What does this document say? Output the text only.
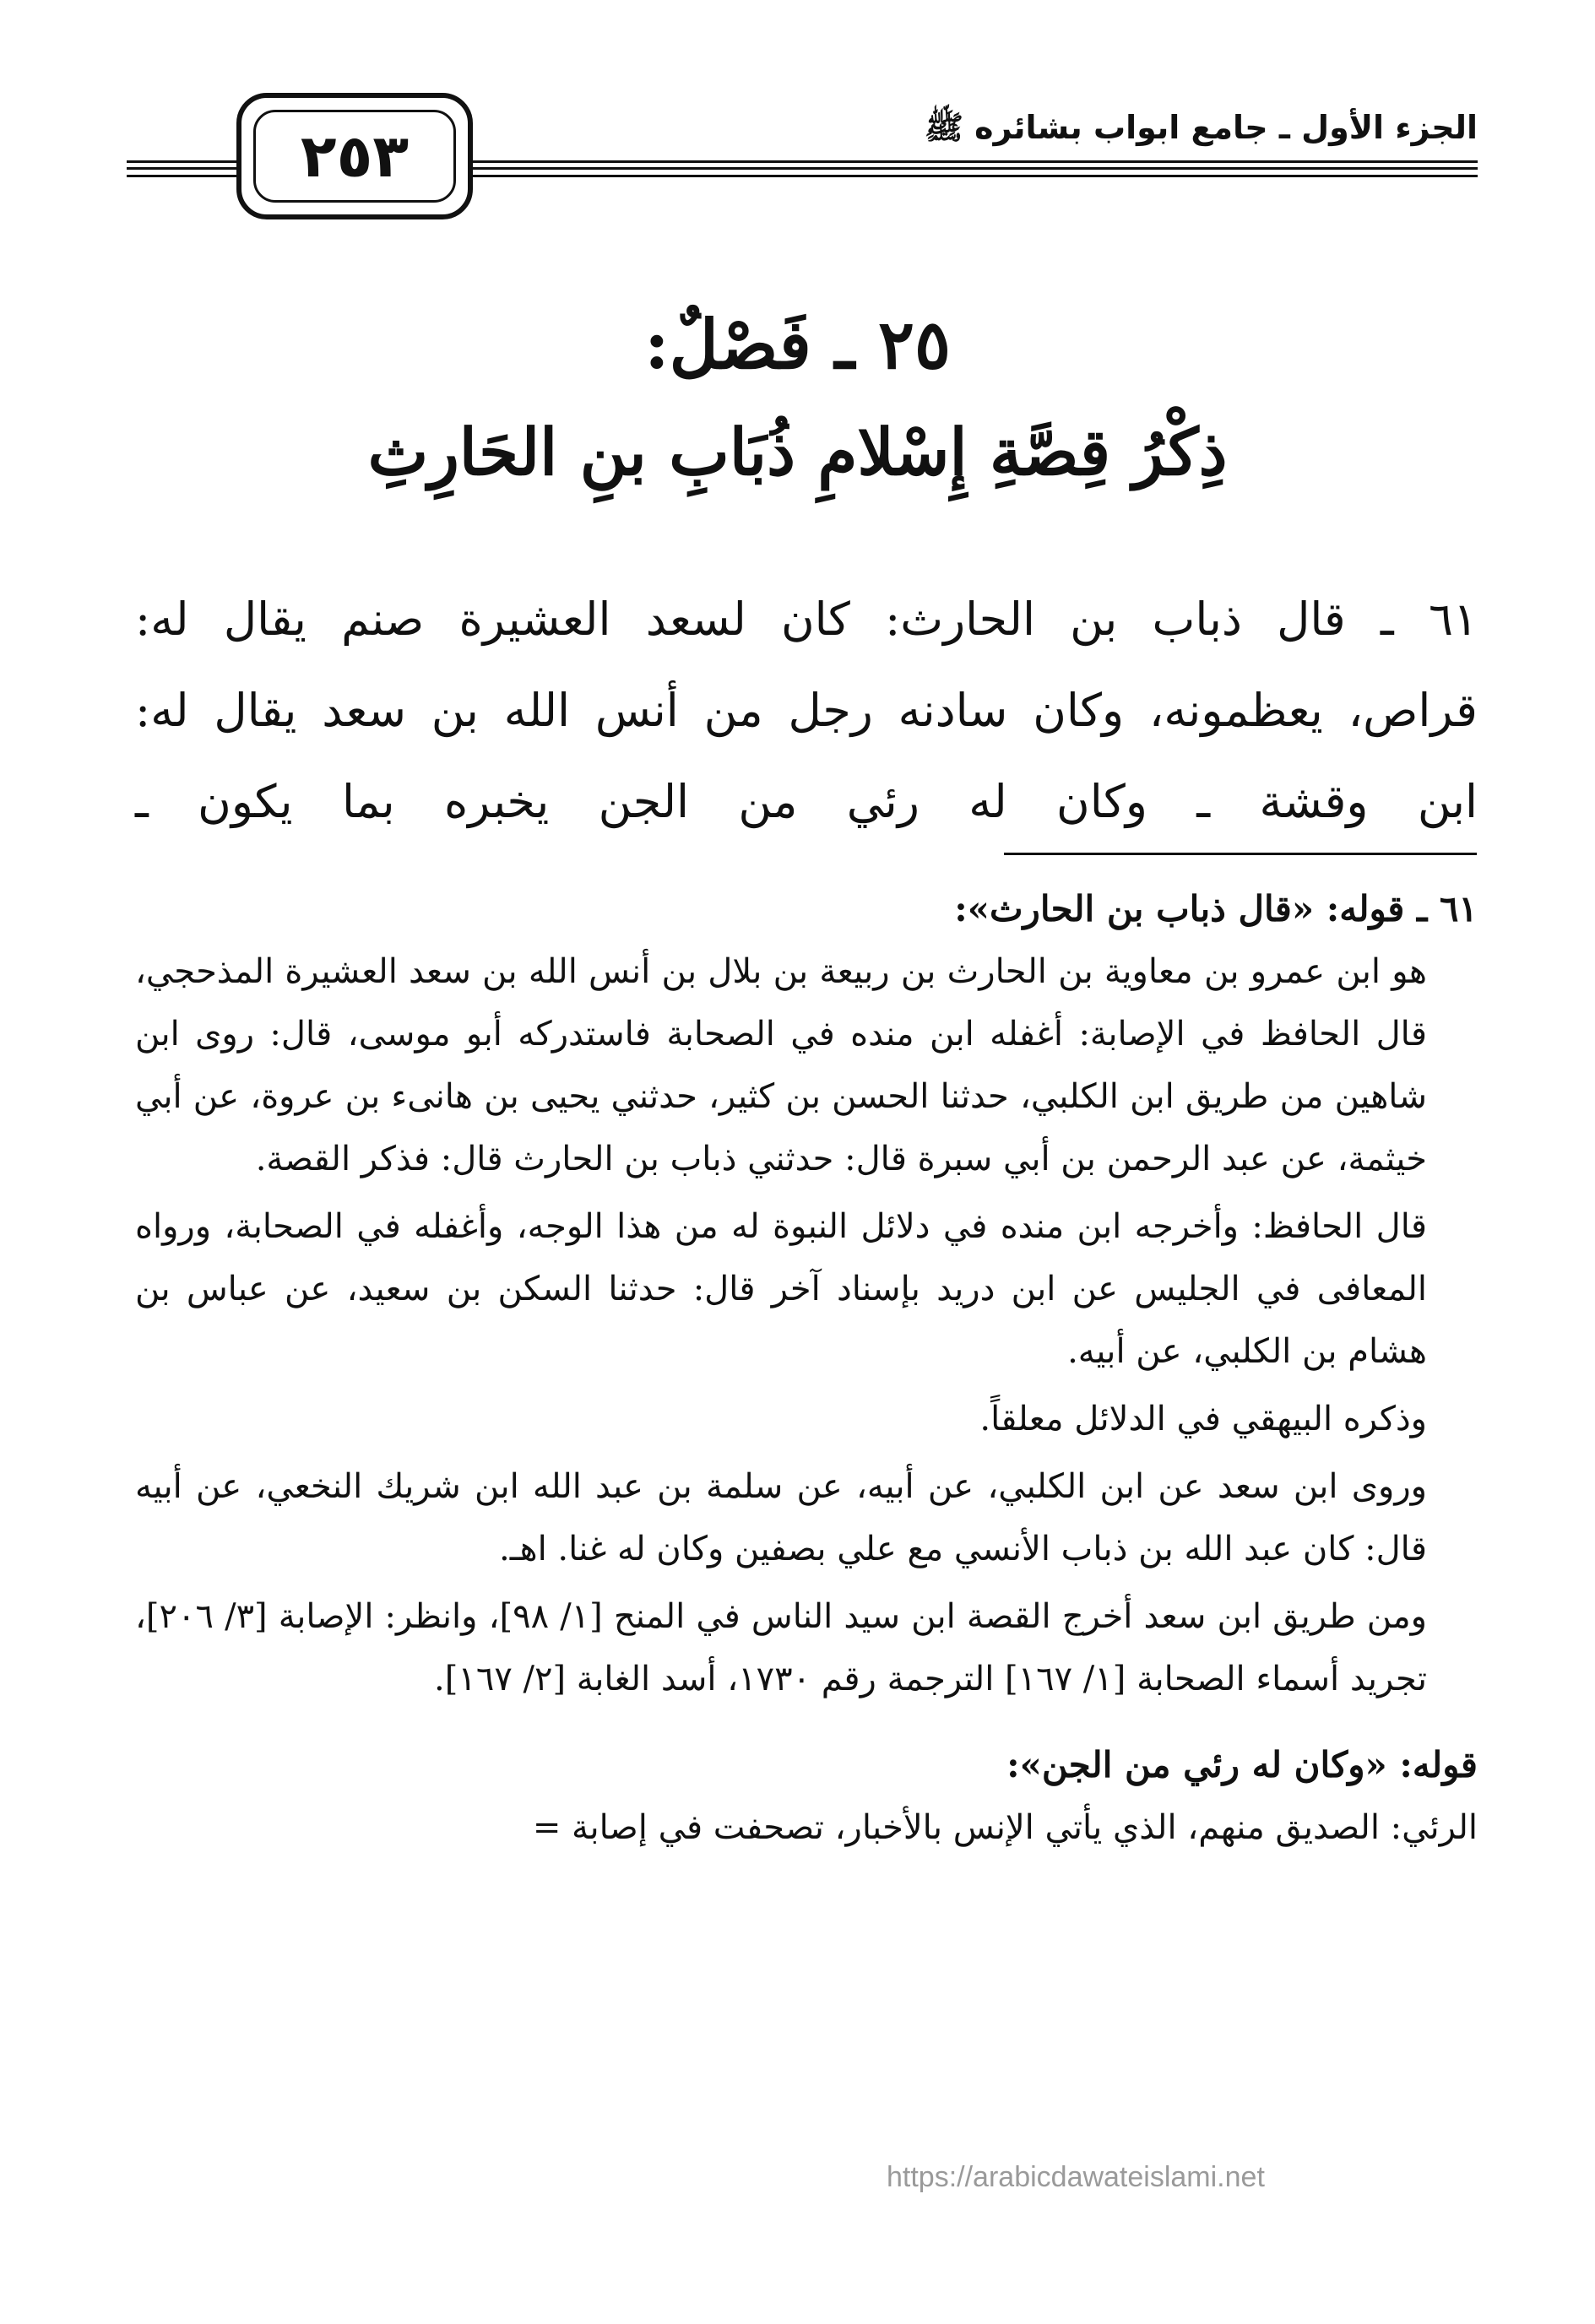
الجزء الأول ـ جامع ابواب بشائره ﷺ
٢٥٣
٢٥ ـ فَصْلٌ:
ذِكْرُ قِصَّةِ إِسْلامِ ذُبَابِ بنِ الحَارِثِ
٦١ ـ قال ذباب بن الحارث: كان لسعد العشيرة صنم يقال له:
قراص، يعظمونه، وكان سادنه رجل من أنس الله بن سعد يقال له:
ابن وقشة ـ وكان له رئي من الجن يخبره بما يكون ـ

٦١ ـ قوله: «قال ذباب بن الحارث»:

هو ابن عمرو بن معاوية بن الحارث بن ربيعة بن بلال بن أنس الله بن سعد العشيرة المذحجي، قال الحافظ في الإصابة: أغفله ابن منده في الصحابة فاستدركه أبو موسى، قال: روى ابن شاهين من طريق ابن الكلبي، حدثنا الحسن بن كثير، حدثني يحيى بن هانىء بن عروة، عن أبي خيثمة، عن عبد الرحمن بن أبي سبرة قال: حدثني ذباب بن الحارث قال: فذكر القصة.

قال الحافظ: وأخرجه ابن منده في دلائل النبوة له من هذا الوجه، وأغفله في الصحابة، ورواه المعافى في الجليس عن ابن دريد بإسناد آخر قال: حدثنا السكن بن سعيد، عن عباس بن هشام بن الكلبي، عن أبيه.

وذكره البيهقي في الدلائل معلقاً.

وروى ابن سعد عن ابن الكلبي، عن أبيه، عن سلمة بن عبد الله ابن شريك النخعي، عن أبيه قال: كان عبد الله بن ذباب الأنسي مع علي بصفين وكان له غنا. اهـ.

ومن طريق ابن سعد أخرج القصة ابن سيد الناس في المنح [١/ ٩٨]، وانظر: الإصابة [٣/ ٢٠٦]، تجريد أسماء الصحابة [١/ ١٦٧] الترجمة رقم ١٧٣٠، أسد الغابة [٢/ ١٦٧].

قوله: «وكان له رئي من الجن»:

الرئي: الصديق منهم، الذي يأتي الإنس بالأخبار، تصحفت في إصابة =

https://arabicdawateislami.net
